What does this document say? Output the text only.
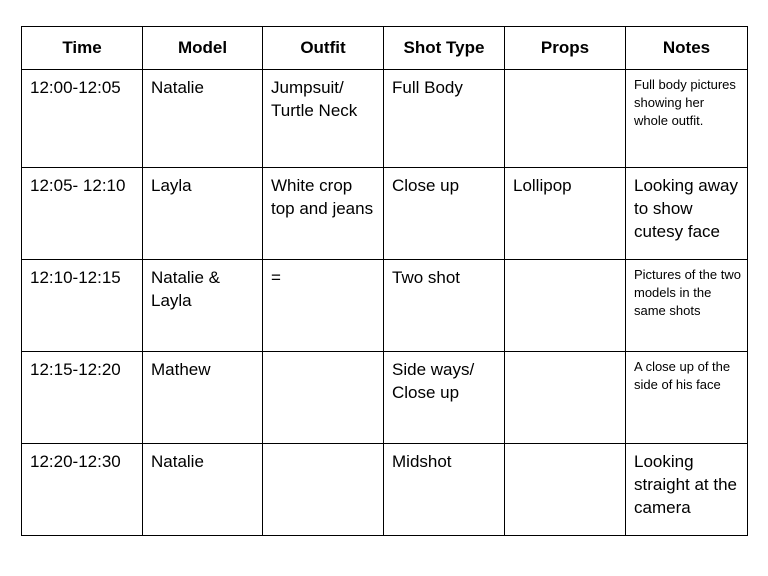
Time	Model	Outfit	Shot Type	Props	Notes
12:00-12:05	Natalie	Jumpsuit/ Turtle Neck	Full Body		Full body pictures showing her whole outfit.
12:05- 12:10	Layla	White crop top and jeans	Close up	Lollipop	Looking away to show cutesy face
12:10-12:15	Natalie & Layla	=	Two shot		Pictures of the two models in the same shots
12:15-12:20	Mathew		Side ways/ Close up		A close up of the side of his face
12:20-12:30	Natalie		Midshot		Looking straight at the camera
